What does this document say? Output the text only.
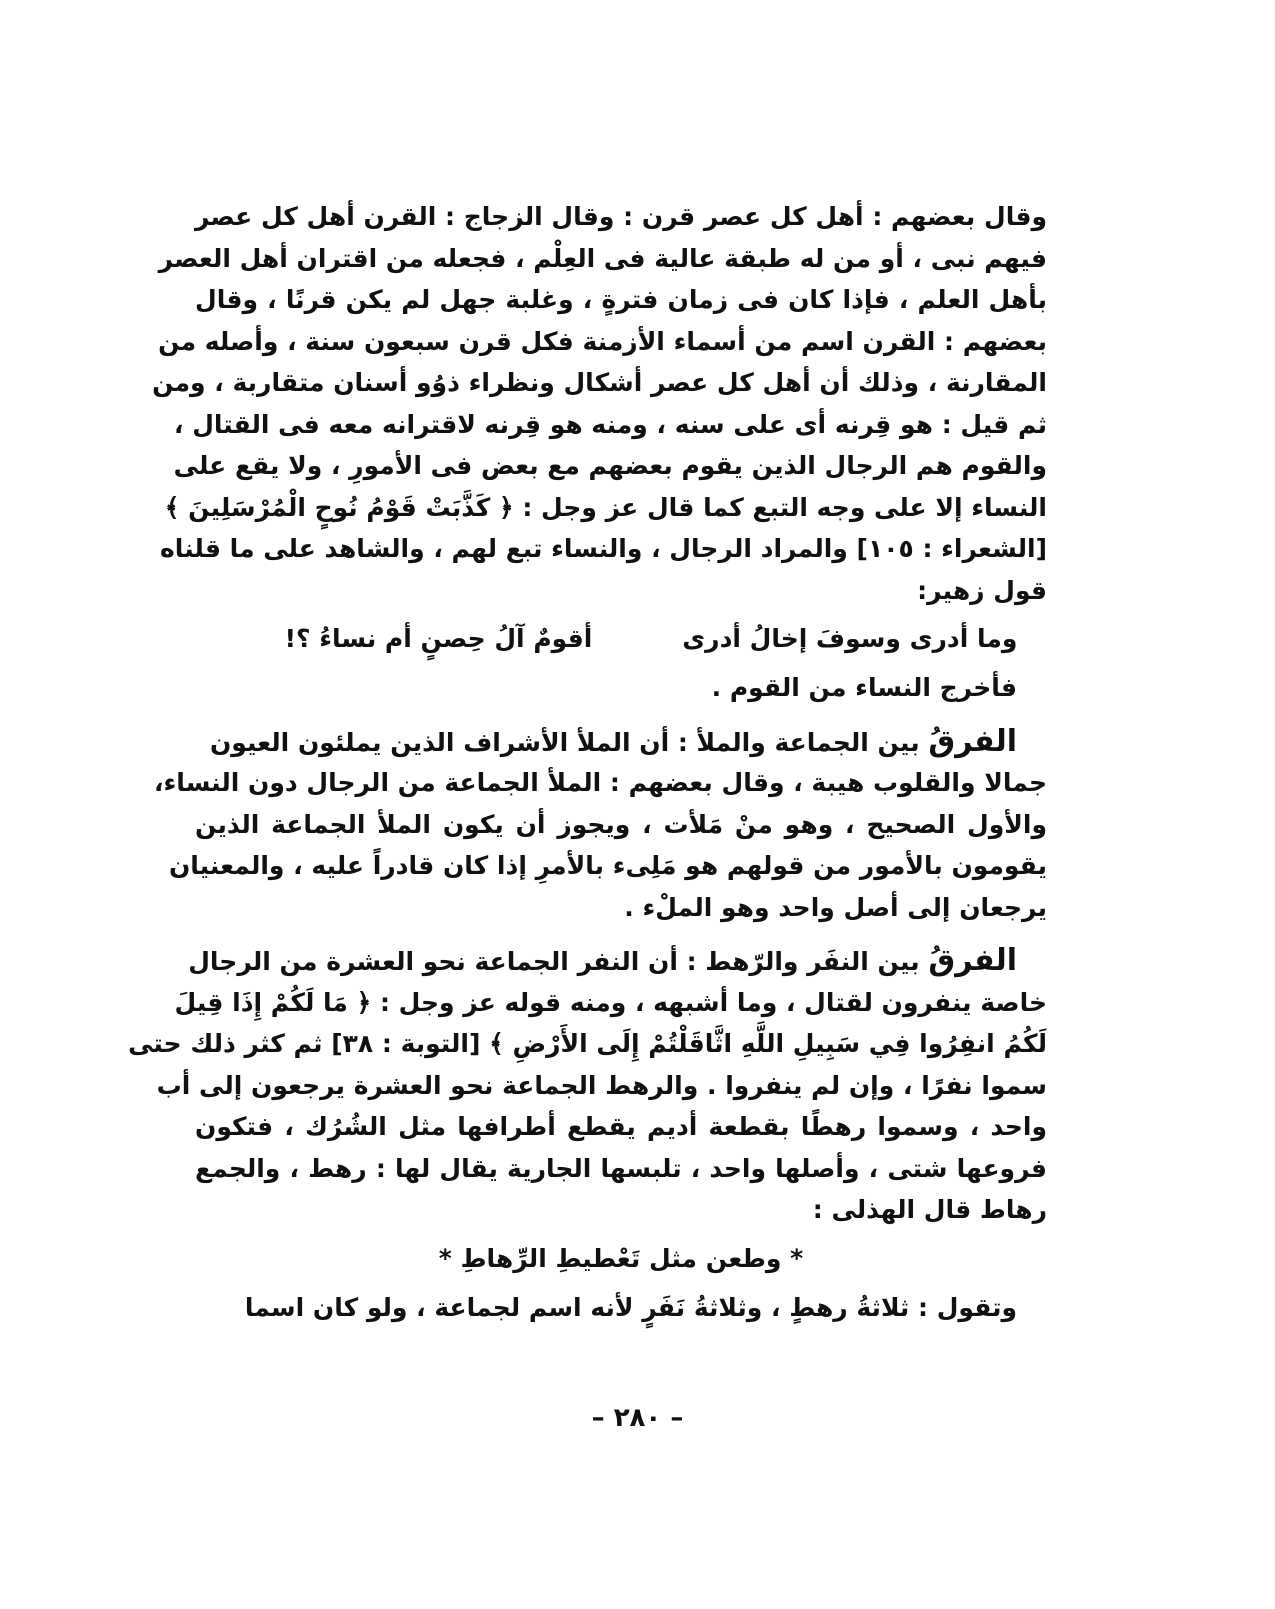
وقال بعضهم : أهل كل عصر قرن : وقال الزجاج : القرن أهل كل عصر
فيهم نبى ، أو من له طبقة عالية فى العِلْم ، فجعله من اقتران أهل العصر
بأهل العلم ، فإذا كان فى زمان فترةٍ ، وغلبة جهل لم يكن قرنًا ، وقال
بعضهم : القرن اسم من أسماء الأزمنة فكل قرن سبعون سنة ، وأصله من
المقارنة ، وذلك أن أهل كل عصر أشكال ونظراء ذوُو أسنان متقاربة ، ومن
ثم قيل : هو قِرنه أى على سنه ، ومنه هو قِرنه لاقترانه معه فى القتال ،
والقوم هم الرجال الذين يقوم بعضهم مع بعض فى الأمورِ ، ولا يقع على
النساء إلا على وجه التبع كما قال عز وجل : ﴿ كَذَّبَتْ قَوْمُ نُوحٍ الْمُرْسَلِينَ ﴾
[الشعراء : ١٠٥] والمراد الرجال ، والنساء تبع لهم ، والشاهد على ما قلناه
قول زهير:
وما أدرى وسوفَ إخالُ أدرى
أقومٌ آلُ حِصنٍ أم نساءُ ؟!
فأخرج النساء من القوم .
الفرقُ بين الجماعة والملأ : أن الملأ الأشراف الذين يملئون العيون
جمالا والقلوب هيبة ، وقال بعضهم : الملأ الجماعة من الرجال دون النساء،
والأول الصحيح ، وهو منْ مَلأت ، ويجوز أن يكون الملأ الجماعة الذين
يقومون بالأمور من قولهم هو مَلِىء بالأمرِ إذا كان قادراً عليه ، والمعنيان
يرجعان إلى أصل واحد وهو الملْء .
الفرقُ بين النفَر والرّهط : أن النفر الجماعة نحو العشرة من الرجال
خاصة ينفرون لقتال ، وما أشبهه ، ومنه قوله عز وجل : ﴿ مَا لَكُمْ إِذَا قِيلَ
لَكُمُ انفِرُوا فِي سَبِيلِ اللَّهِ اثَّاقَلْتُمْ إِلَى الأَرْضِ ﴾ [التوبة : ٣٨] ثم كثر ذلك حتى
سموا نفرًا ، وإن لم ينفروا . والرهط الجماعة نحو العشرة يرجعون إلى أب
واحد ، وسموا رهطًا بقطعة أديم يقطع أطرافها مثل الشُرُك ، فتكون
فروعها شتى ، وأصلها واحد ، تلبسها الجارية يقال لها : رهط ، والجمع
رهاط قال الهذلى :
* وطعن مثل تَعْطيطِ الرِّهاطِ *
وتقول : ثلاثةُ رهطٍ ، وثلاثةُ نَفَرٍ لأنه اسم لجماعة ، ولو كان اسما
– ٢٨٠ –
